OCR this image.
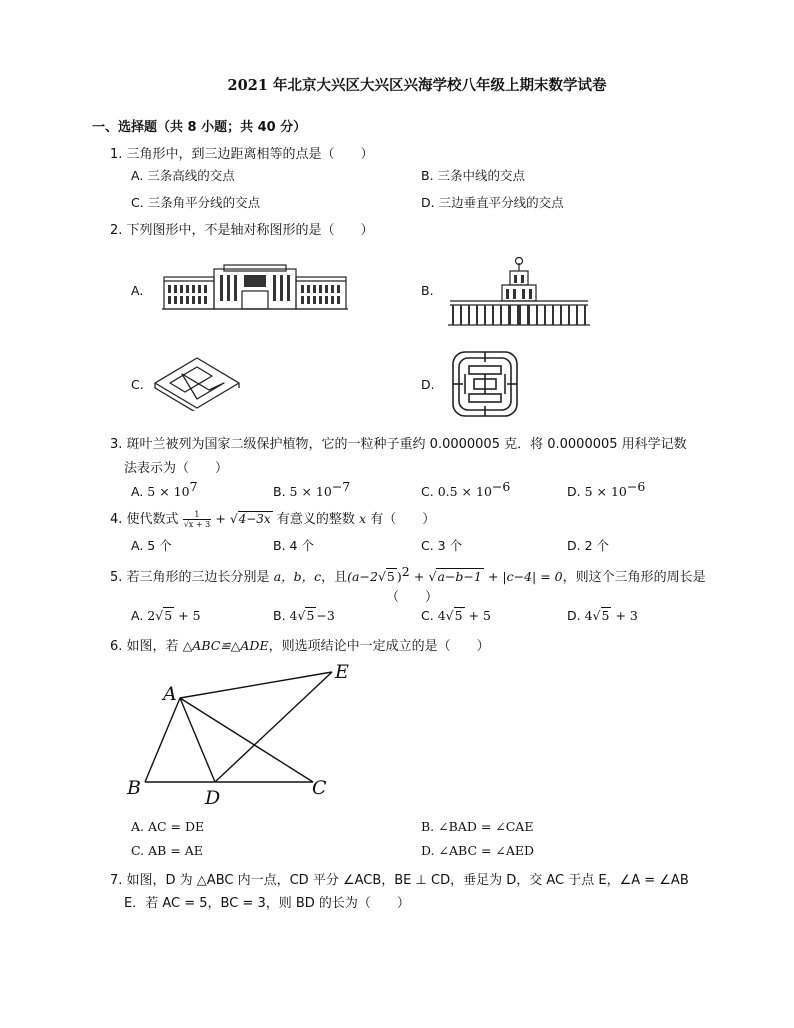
2021 年北京大兴区大兴区兴海学校八年级上期末数学试卷
一、选择题（共 8 小题；共 40 分）
1. 三角形中，到三边距离相等的点是（　　）
A. 三条高线的交点	B. 三条中线的交点
C. 三条角平分线的交点	D. 三边垂直平分线的交点
2. 下列图形中，不是轴对称图形的是（　　）
A.	B.
C.	D.
3. 斑叶兰被列为国家二级保护植物，它的一粒种子重约 0.0000005 克．将 0.0000005 用科学记数
法表示为（　　）
A. $5 \times 10^7$	B. $5 \times 10^{-7}$	C. $0.5 \times 10^{-6}$	D. $5 \times 10^{-6}$
4. 使代数式 $\frac{1}{√x + 3} + √4-3x$ 有意义的整数 x 有（　　）
A. 5 个	B. 4 个	C. 3 个	D. 2 个
5. 若三角形的三边长分别是 a，b，c，且(a−2√5 )$^2$ + √a−b−1 + |c−4| = 0，则这个三角形的周长是
（　　）
A. 2√5 + 5	B. 4√5 −3	C. 4√5 + 5	D. 4√5 + 3
6. 如图，若 △ABC≌△ADE，则选项结论中一定成立的是（　　）
A
B	C
D
E
A. AC = DE	B. ∠BAD = ∠CAE
C. AB = AE	D. ∠ABC = ∠AED
7. 如图，D 为 △ABC 内一点，CD 平分 ∠ACB，BE ⊥ CD，垂足为 D，交 AC 于点 E，∠A = ∠AB
E．若 AC = 5，BC = 3，则 BD 的长为（　　）
